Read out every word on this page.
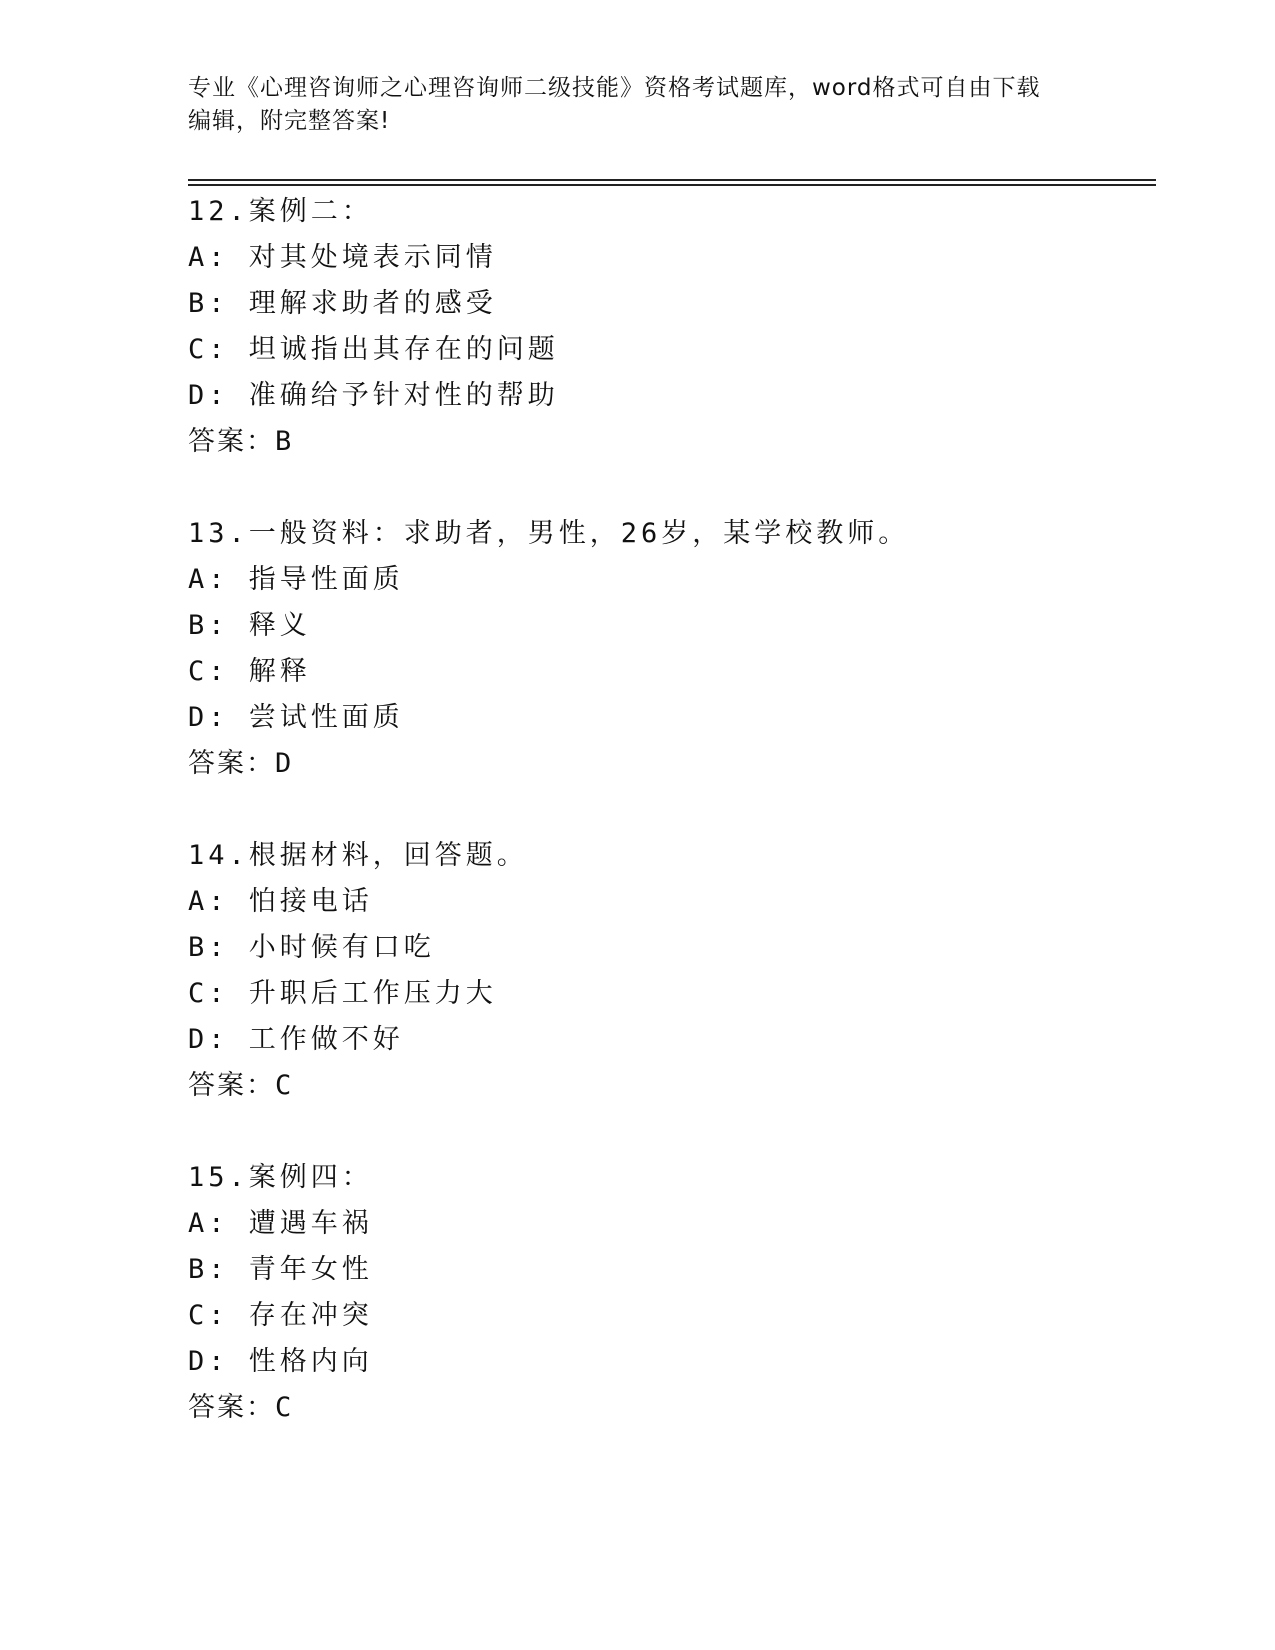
专业《心理咨询师之心理咨询师二级技能》资格考试题库，word格式可自由下载
编辑，附完整答案!
12.案例二：
A: 对其处境表示同情
B: 理解求助者的感受
C: 坦诚指出其存在的问题
D: 准确给予针对性的帮助
答案：B
13.一般资料：求助者，男性，26岁，某学校教师。
A: 指导性面质
B: 释义
C: 解释
D: 尝试性面质
答案：D
14.根据材料，回答题。
A: 怕接电话
B: 小时候有口吃
C: 升职后工作压力大
D: 工作做不好
答案：C
15.案例四：
A: 遭遇车祸
B: 青年女性
C: 存在冲突
D: 性格内向
答案：C
